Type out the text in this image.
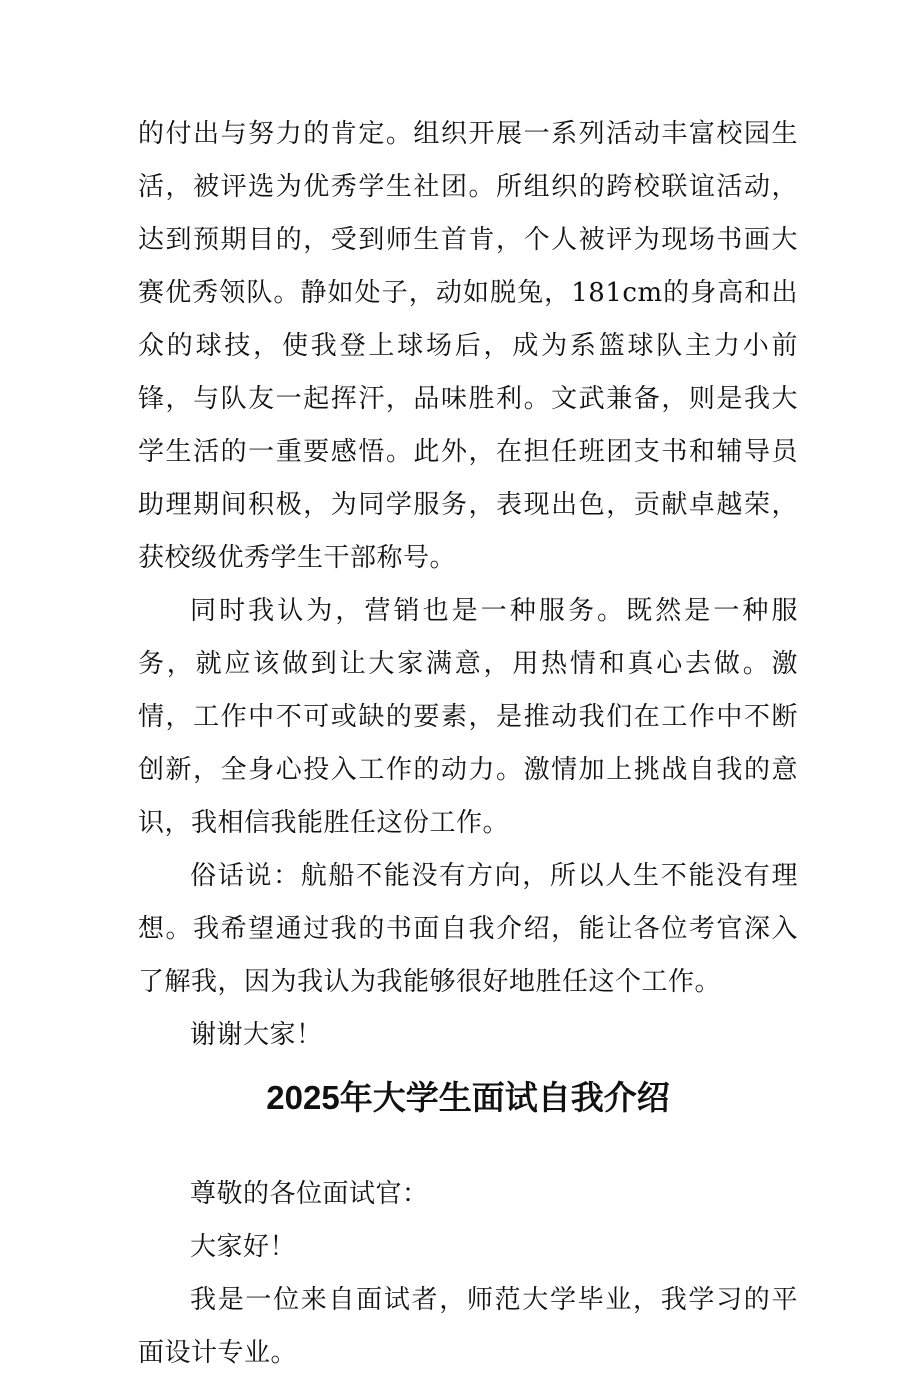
的付出与努力的肯定。组织开展一系列活动丰富校园生活，被评选为优秀学生社团。所组织的跨校联谊活动，达到预期目的，受到师生首肯，个人被评为现场书画大赛优秀领队。静如处子，动如脱兔，181cm的身高和出众的球技，使我登上球场后，成为系篮球队主力小前锋，与队友一起挥汗，品味胜利。文武兼备，则是我大学生活的一重要感悟。此外，在担任班团支书和辅导员助理期间积极，为同学服务，表现出色，贡献卓越荣，获校级优秀学生干部称号。

同时我认为，营销也是一种服务。既然是一种服务，就应该做到让大家满意，用热情和真心去做。激情，工作中不可或缺的要素，是推动我们在工作中不断创新，全身心投入工作的动力。激情加上挑战自我的意识，我相信我能胜任这份工作。

俗话说：航船不能没有方向，所以人生不能没有理想。我希望通过我的书面自我介绍，能让各位考官深入了解我，因为我认为我能够很好地胜任这个工作。

谢谢大家！

2025年大学生面试自我介绍

尊敬的各位面试官：

大家好！

我是一位来自面试者，师范大学毕业，我学习的平面设计专业。
